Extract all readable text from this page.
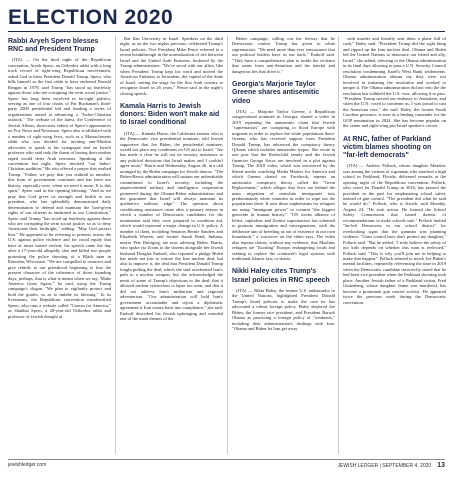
ELECTION 2020
Rabbi Aryeh Spero blesses RNC and President Trump

(JTA) — On the third night of the Republican convention, Aryeh Spero, an Orthodox rabbi with a long track record of right-wing Republican involvement, asked God to bless President Donald Trump. Spero, who bills himself as the first rabbi to have endorsed Ronald Reagan in 1979, said Trump "has stood up fearlessly against those who are corrupting the term social justice." Spero has long been involved in far-right politics, serving as one of four chairs of Pat Buchanan's third-party 2000 presidential bid and heading a series of organizations aimed at advancing a "Judeo-Christian outlook." The website of the latest, the Conference of Jewish Affairs, showcases videos of Spero's appearances on Fox News and Newsmax. Spero also is affiliated with a number of right-wing Jews, such as a Massachusetts rabbi who was derided for inviting anti-Muslim advocates to speak at his synagogue and an Israeli professor who said only the threat of having their mother raped would deter Arab terrorists. Speaking at the convention last night, Spero invoked "our Judeo-Christian tradition," He also offered a prayer that exalted Trump. "Father, we pray that you enthrall in mindset, this form of government continues and has been our history, especially now, when we need it more. It is this spirit," Spero said in the opening blessing. "And as we pray that God gives us strength and health to our president, who has splendidly demonstrated daily determination to defend and maintain the God-given rights of our citizens as enshrined in our Constitution." Spero said Trump "has stood up fearlessly against those who are corrupting the term social justice, so as to deny Americans their birthright," adding, "May God protect him." He appeared to be referring to protests across the U.S. against police violence and for racial equity that have at times turned violent; his speech came the day after a 17-year-old allegedly shot and killed two people protesting the police shooting of a Black man in Kenosha, Wisconsin. "We are compelled to resurrect and give rebirth, to our priesthood beginning to lose the present character of the coherence of those founding days, perhaps, that is what is meant when we say, 'Make America Great Again,'" he said, using the Trump campaign's slogan. "We plan to vigilantly protect and hold the guides, so as to imbibe its blessing." In its livestream, the Republican convention misidentified Spero, who runs a website called "Caucus for America," as Shabbat Spero, a 28-year-old Orthodox rabbi and professor of Jewish thought at

Bar Ilan University in Israel. Speakers on the third night, as on the two nights previous, celebrated Trump's Israel policies. Vice President Mike Pence referred to a recent breakthrough in the normalization of ties between Israel and the United Arab Emirates, brokered by the Trump administration. "We've stood with our allies, like when President Trump kept his word and moved the American Embassy to Jerusalem, the capital of the State of Israel, setting the stage for the first Arab country to recognize Israel in 26 years," Pence said in the night's closing speech.

Kamala Harris to Jewish donors: Biden won't make aid to Israel conditional

(JTA) — Kamala Harris, the California senator who is the Democratic vice presidential nominee, told Jewish supporters that Joe Biden, the presidential nominee, would not place any conditions on US aid to Israel. "Joe has made it clear he will not tie security assistance to any political decisions that Israel makes and I couldn't agree more," Harris said Wednesday, August 26, in a call arranged by the Biden campaign for Jewish donors. "The Biden-Harris administration will sustain our unbreakable commitment to Israel's security, including the unprecedented military and intelligence cooperation pioneered during the Obama-Biden administration and the guarantee that Israel will always maintain its qualitative military edge." The question about conditioning assistance came after a primary season in which a number of Democratic candidates for the nomination said they were prepared to condition aid, which would represent a major change in U.S. policy. A number of them, including Senators Bernie Sanders and Elizabeth Warren, and former South Bend, Indiana, mayor Pete Buttigieg, are now advising Biden. Harris, who spoke via Zoom to the dozens alongside her Jewish husband Douglas Emhoff, also repeated a pledge Biden has made not just to restore the Iran nuclear deal, but also to improve it, the deal that President Donald Trump fought pulling the deal, which she said accelerated Iran's path to a nuclear weapon, but she acknowledged the merit of some of Trump's objections to the deal; that it allowed nuclear restrictions to lapse too soon, and that it did not address Iran's militarism and regional adventurism. "Our administration will hold Iran's government accountable and rejoin a diplomatic agreement if Iran comes back into compliance," she said. Emhoff described his Jewish upbringing and sounded one of the main themes of the

Biden campaign, calling out the leeway that he Democratic contest Trump has given to white supremacists. "We need more than ever reassurance that our political leaders have us our back," Emhoff said. "They have a comprehensive plan to tackle the violence that stems from anti-Semitism and the hateful and dangerous lies that drive it."

Georgia's Marjorie Taylor Greene shares antisemitic video

(JTA) — Marjorie Taylor Greene, a Republican congressional nominee in Georgia, shared a video in 2019 repeating the antisemitic claim that Jewish "supremacists" are conspiring to flood Europe with migrants in order to replace the white populations there. Greene, who has received support from President Donald Trump, has advanced the conspiracy theory QAnon, which includes antisemitic tropes. She wrote in one post that the Rothschild family and the Jewish financier George Soros are involved in a plot against Trump. The 2018 video, which was uncovered by the liberal media watchdog Media Matters for America and which Greene shared on Facebook, repeats an antisemitic conspiracy theory called the "Great Replacement," which alleges that Jews are behind the mass migration of nonwhite immigrants into predominantly white countries in order to wipe out the populations there. It uses those euphemisms for refugees are using "immigrant power" to commit "the biggest genocide in human history." "UN works alliance of leftist, capitalists and Zionist supremacists has schemed to promote immigration and miscegenation, with the deliberate aim of breeding us out of existence in our own homelands," a voiceover on the video says. The video also repeats claims, without any evidence, that Muslims refugees are "flooding" Europe, endangering locals and seeking to replace the continent's legal systems with traditional Islamic law, or sharia.

Nikki Haley cites Trump's Israel policies in RNC speech

(JTA) — Nikki Haley, the former U.S. ambassador to the United Nations, highlighted President Donald Trump's Israel policies to make the case he has advocated a robust foreign policy. Haley deplored Joe Biden, the former vice president, and President Barack Obama as practicing a foreign policy of "weakness," including their administration's dealings with Iran. "Obama and Biden let Iran get away

with murder and literally sent them a plane full of cash," Haley said. "President Trump did the right thing and ripped up the Iran nuclear deal. Obama and Biden led the United Nations to denounce our friend and ally, Israel," she added, referring to the Obama administration in its final days allowing to pass a U.N. Security Council resolution condemning Israel's West Bank settlements. Obama administration alumni say they were not involved in initiating the resolution and worked to temper it. The Obama administration did not veto the the resolution but withheld the U.S. vote, allowing it to pass. "President Trump moved our embassy to Jerusalem, and when the U.N. voted to condemn us, I was proud to cast the American vote," she said. Haley, the former South Carolina governor, is seen as a leading contender for the GOP nomination in 2024. She has become popular on the center and right-wing pro-Israel speaker's circuit.

At RNC, father of Parkland victim blames shooting on "far-left democrats"

(JTA) — Andrew Pollack, whose daughter Meadow was among the victims of a gunman who attacked a high school in Parkland, Florida, delivered remarks at the opening night of the Republican convention. Pollack, who voted for Donald Trump in 2016, has praised the president in the past for emphasizing school safety instead of gun control. "The president did what he said he would do," Pollack, who is Jewish, said Monday, August 24. "He took action. He formed the School Safety Commission that issued dozens of recommendations to make schools safe." Pollack faulted "far-left Democrats in our school district" for overlooking signs that the gunman was planning violence. "Guns control laws don't protect my daughter," Pollack said. "But he added, "I truly believe the safety of our kids depends on whether this man is reelected," Pollack said. "This is why you'll join me in helping to make that happen." Pollack seemed to mock Joe Biden's mental facilities, repeatedly referencing the time in 2019 when the Democratic candidate incorrectly stated that he had been vice president when the Parkland shooting took place. Another Jewish father of a Parkland victim, Fred Guttenberg, whose daughter Jaime was murdered, has become a prominent gun control activist. He appeared twice the previous week during the Democratic convention.

jewishledger.com	JEWISH LEDGER | SEPTEMBER 4, 2020 13
